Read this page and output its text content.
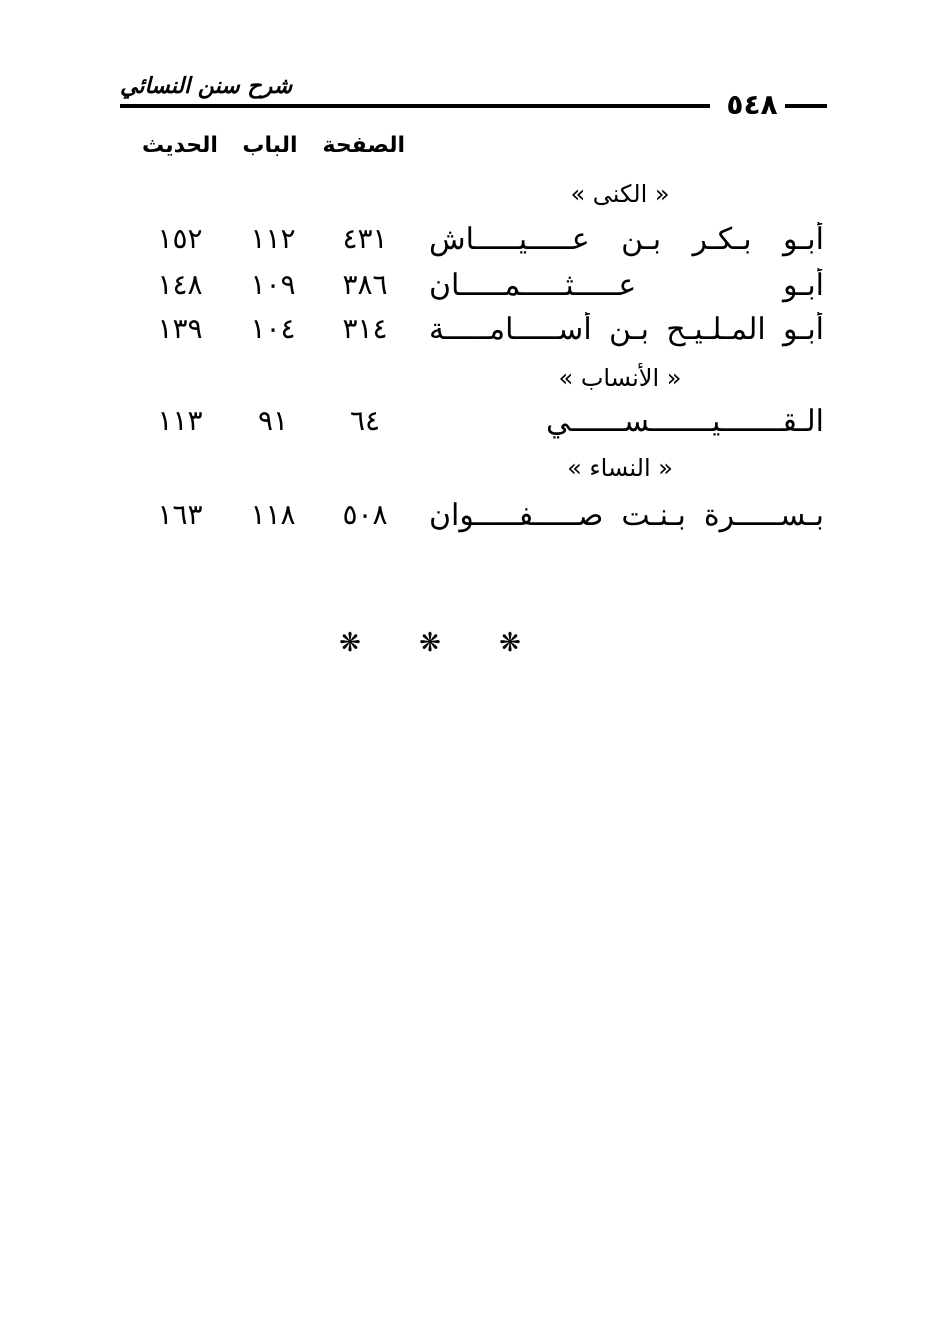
شرح سنن النسائي
٥٤٨
الصفحة
الباب
الحديث
« الكنى »
أبـو بـكـر بـن عـــــيـــــاش
٤٣١
١١٢
١٥٢
أبـو عـــــثـــــمـــــان
٣٨٦
١٠٩
١٤٨
أبـو المـلـيـح بـن أســـــامـــــة
٣١٤
١٠٤
١٣٩
« الأنساب »
الـقـــــــيـــــــســــــي
٦٤
٩١
١١٣
« النساء »
بـســـــرة بـنـت صـــــفـــــوان
٥٠٨
١١٨
١٦٣
❋	❋	❋
